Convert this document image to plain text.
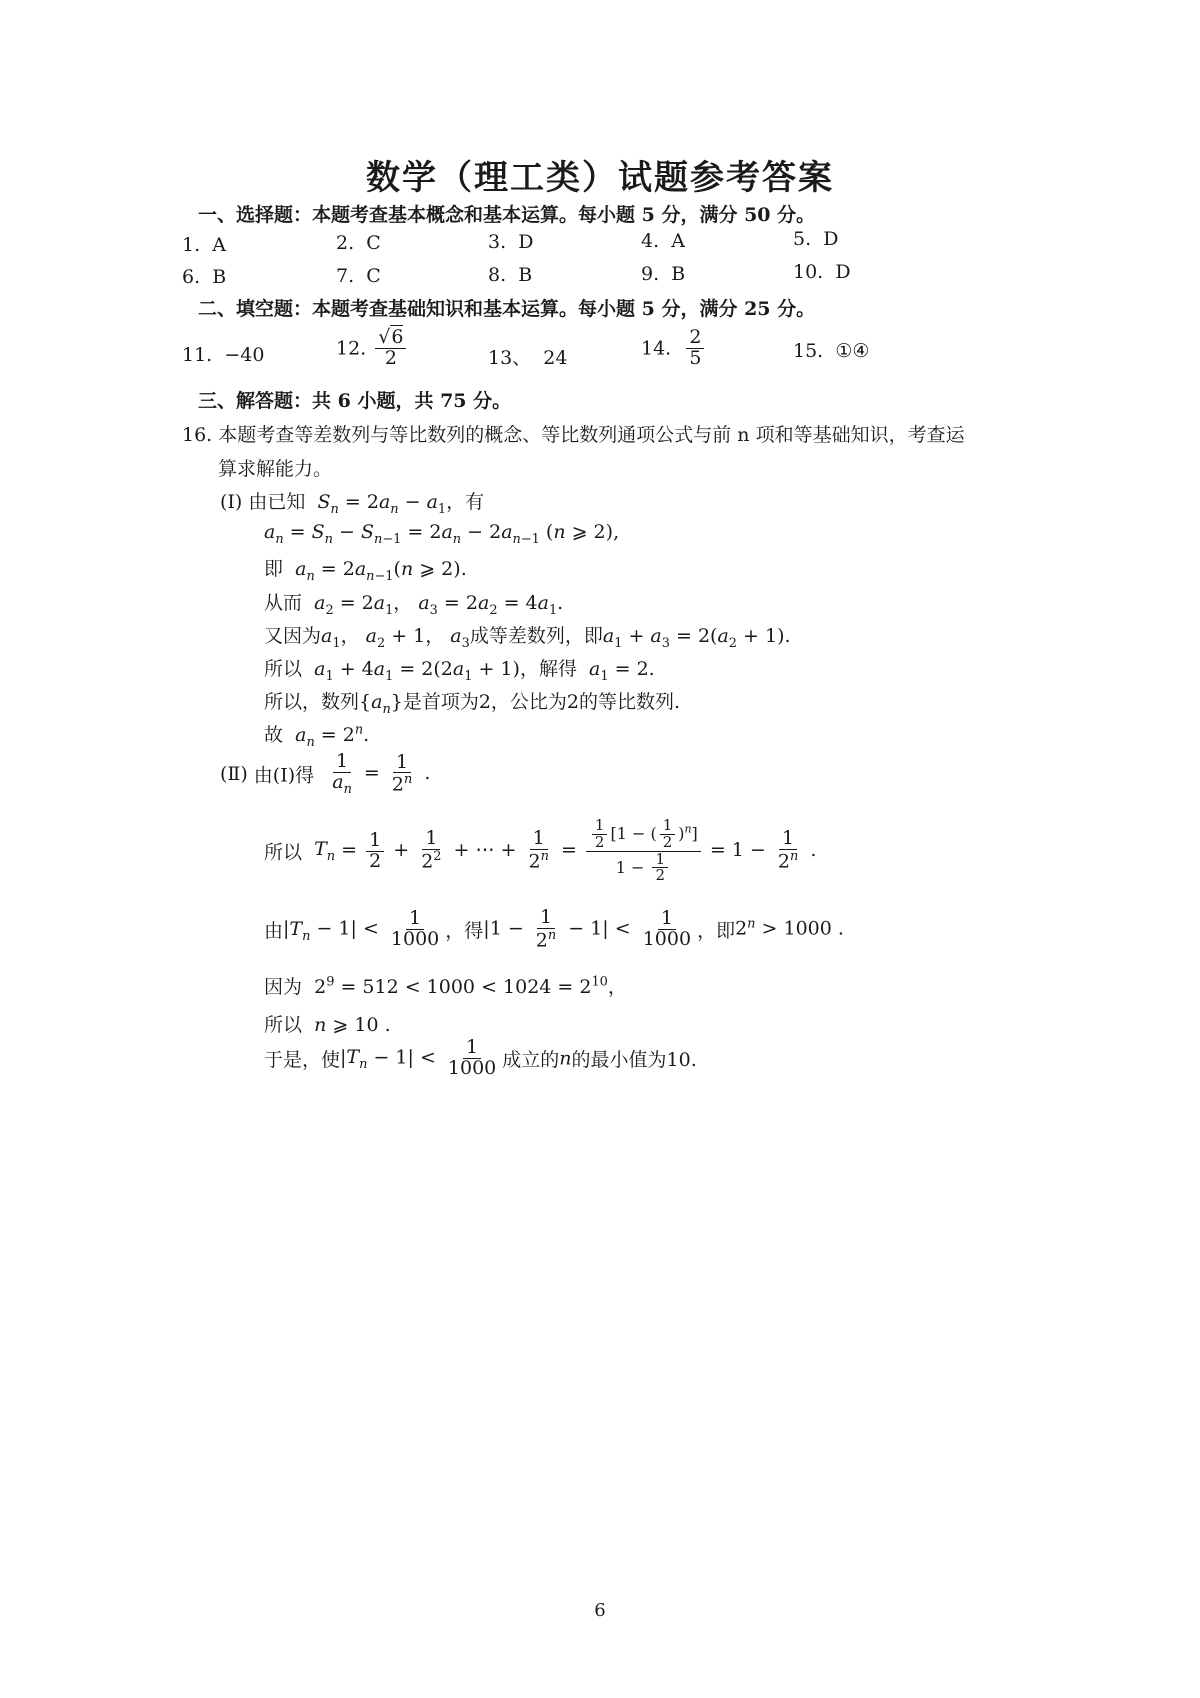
数学（理工类）试题参考答案
一、选择题：本题考查基本概念和基本运算。每小题 5 分，满分 50 分。
1. A	2. C	3. D	4. A	5. D
6. B	7. C	8. B	9. B	10. D
二、填空题：本题考查基础知识和基本运算。每小题 5 分，满分 25 分。
11. −40	12. $\frac{√6}{2}$	13、 24	14. $\frac{2}{5}$	15. ①④
三、解答题：共 6 小题，共 75 分。
16. 本题考查等差数列与等比数列的概念、等比数列通项公式与前 n 项和等基础知识，考查运
算求解能力。
(Ⅰ) 由已知 $S_n = 2a_n - a_1$，有
$a_n = S_n - S_{n-1} = 2a_n - 2a_{n-1}$ (n ⩾ 2),
即 $a_n = 2a_{n-1}(n$ ⩾ 2).
从而 $a_2 = 2a_1$， $a_3 = 2a_2 = 4a_1$.
又因为$a_1$， $a_2 + 1$， $a_3$成等差数列，即$a_1 + a_3 = 2(a_2 + 1)$.
所以 $a_1 + 4a_1 = 2(2a_1 + 1)$，解得 $a_1 = 2$.
所以，数列$\{a_n\}$是首项为2，公比为2的等比数列.
故 $a_n = 2^n$.
(Ⅱ) 由(Ⅰ)得 $\frac{1}{a_n} = \frac{1}{2^n}$ .
所以 $T_n = \frac{1}{2} + \frac{1}{2^2}$ + ⋯ + $\frac{1}{2^n} = \frac{\frac{1}{2} [1 - ( \frac{1}{2} )^n]}{1 - \frac{1}{2}} = 1 - \frac{1}{2^n}$ .
由$|T_n - 1| < \frac{1}{1000}$ ，得$|1 - \frac{1}{2^n} - 1| < \frac{1}{1000}$ ，即$2^n > 1000$ .
因为  $2^9 = 512 < 1000 < 1024 = 2^{10}$，
所以 n ⩾ 10 .
于是，使$|T_n - 1| < \frac{1}{1000}$ 成立的n的最小值为10.
6
